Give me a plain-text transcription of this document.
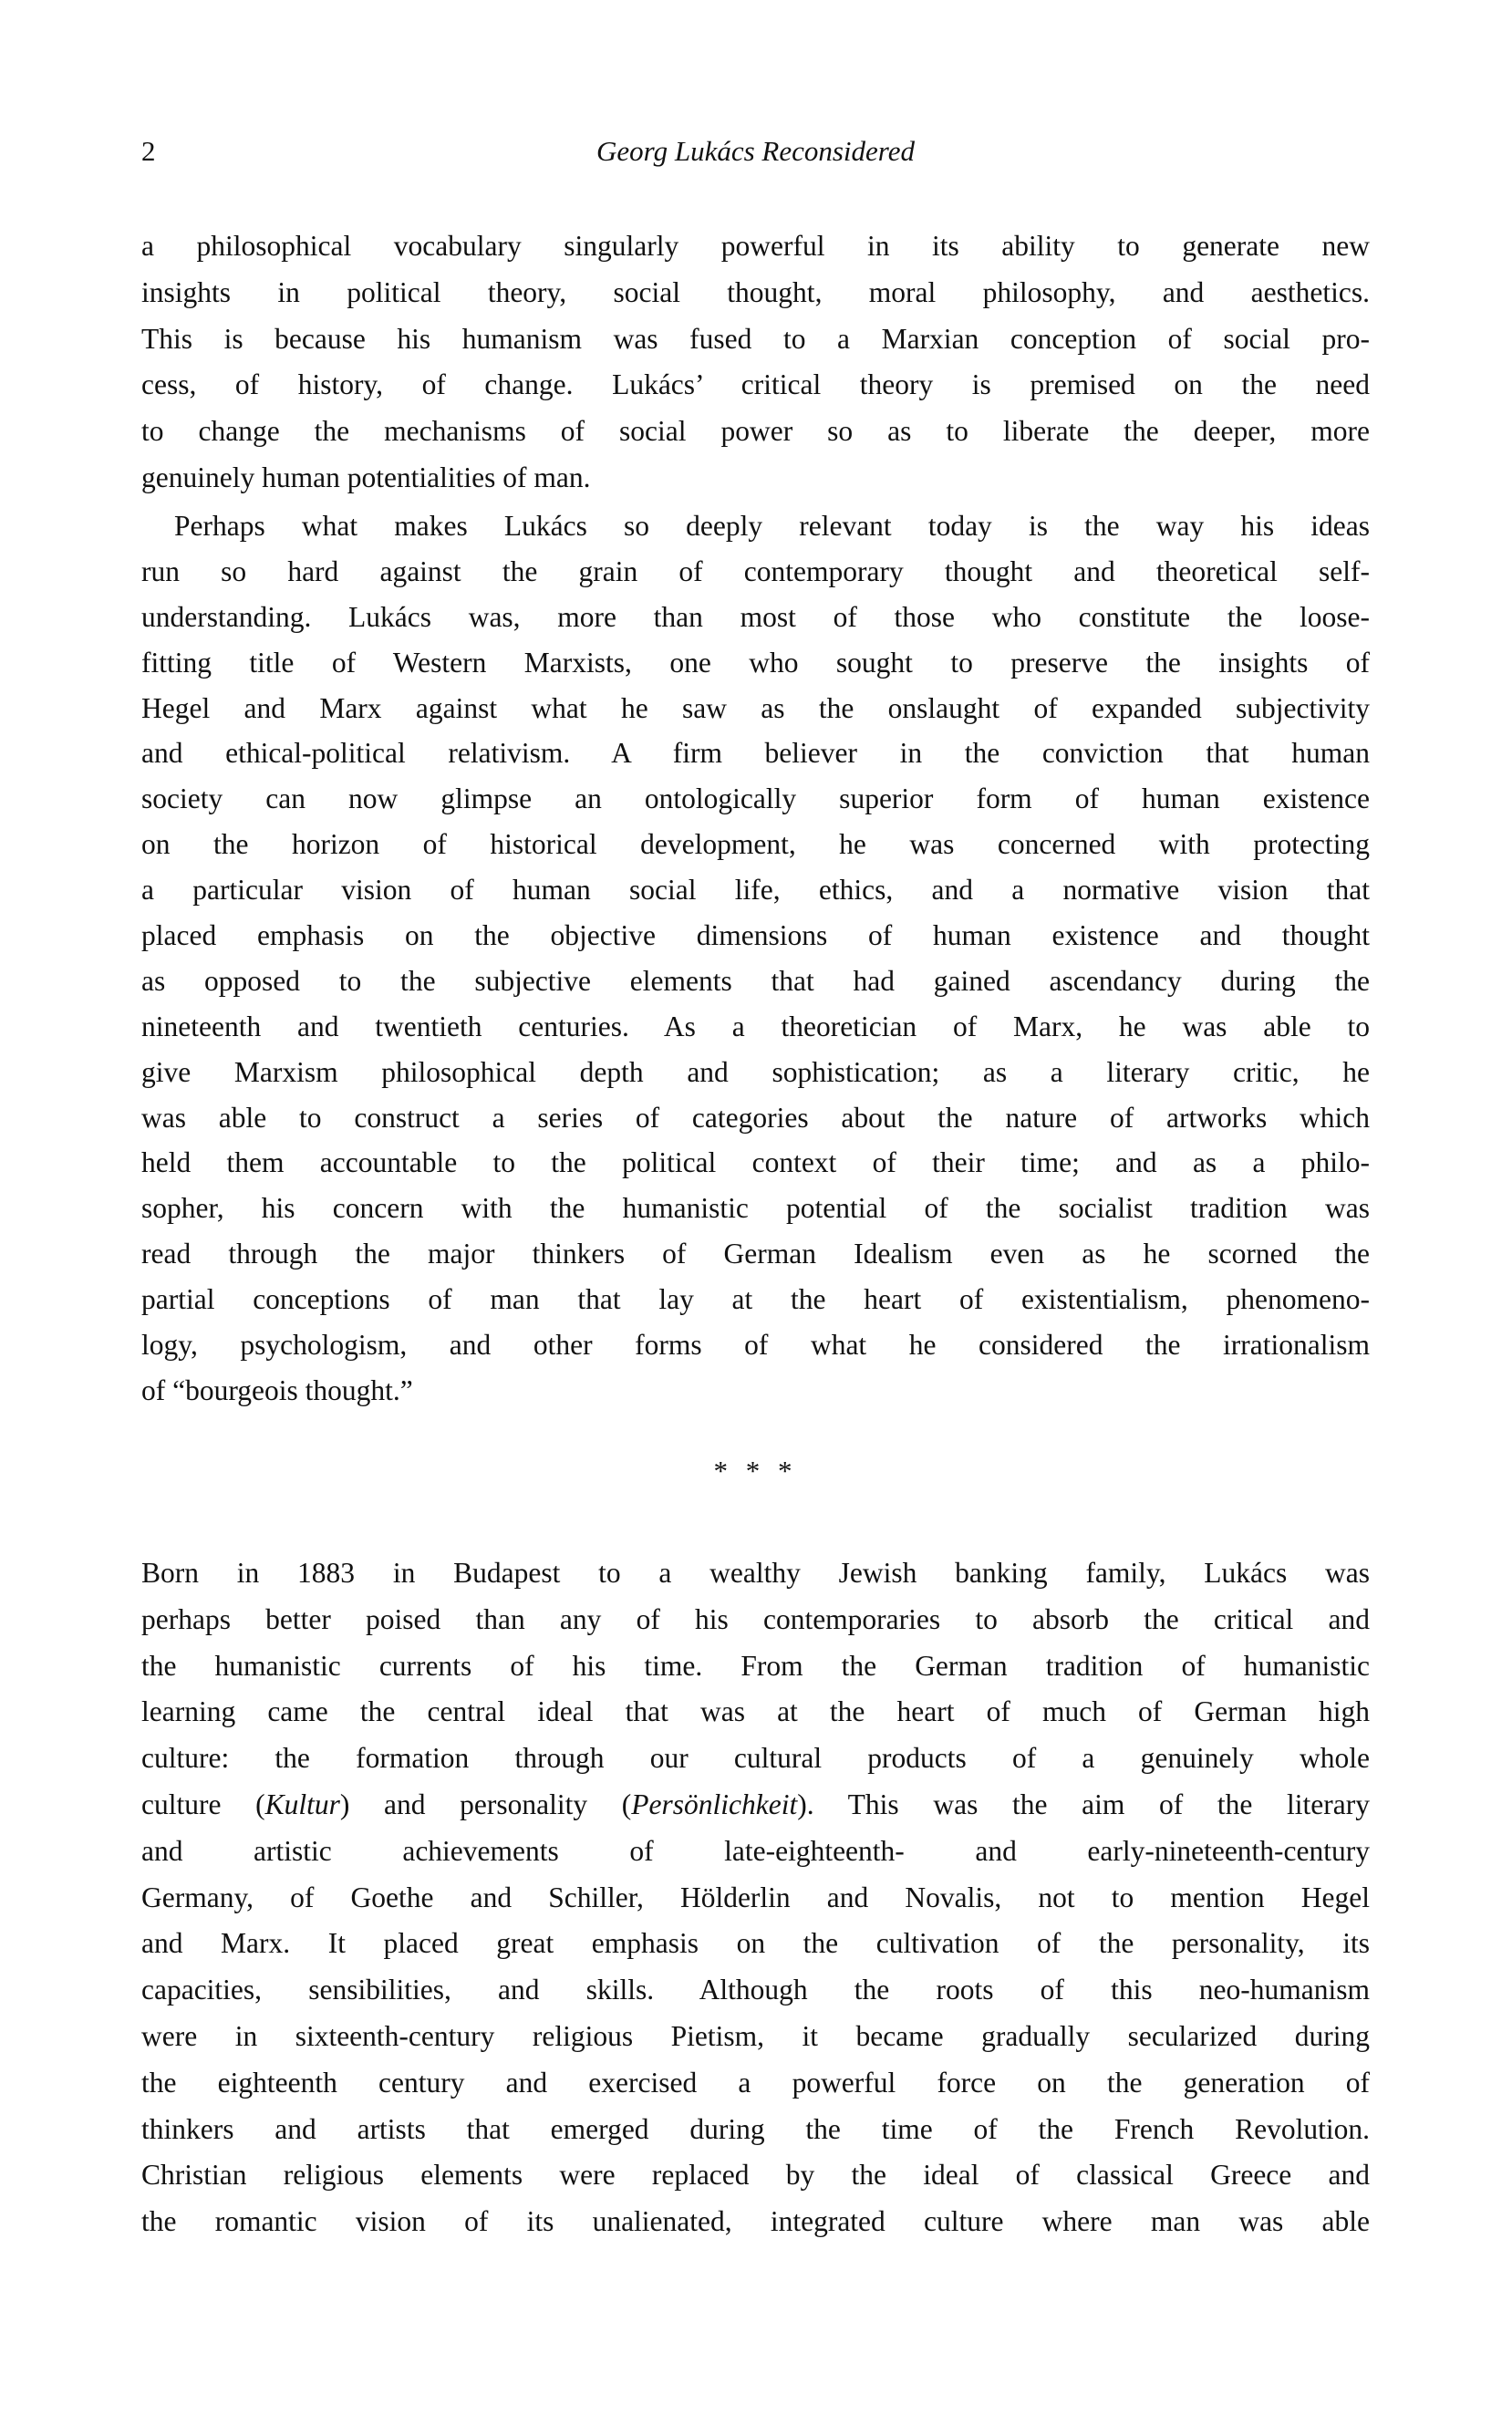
2	Georg Lukács Reconsidered
a philosophical vocabulary singularly powerful in its ability to generate new
insights in political theory, social thought, moral philosophy, and aesthetics.
This is because his humanism was fused to a Marxian conception of social pro-
cess, of history, of change. Lukács’ critical theory is premised on the need
to change the mechanisms of social power so as to liberate the deeper, more
genuinely human potentialities of man.
Perhaps what makes Lukács so deeply relevant today is the way his ideas
run so hard against the grain of contemporary thought and theoretical self-
understanding. Lukács was, more than most of those who constitute the loose-
fitting title of Western Marxists, one who sought to preserve the insights of
Hegel and Marx against what he saw as the onslaught of expanded subjectivity
and ethical-political relativism. A firm believer in the conviction that human
society can now glimpse an ontologically superior form of human existence
on the horizon of historical development, he was concerned with protecting
a particular vision of human social life, ethics, and a normative vision that
placed emphasis on the objective dimensions of human existence and thought
as opposed to the subjective elements that had gained ascendancy during the
nineteenth and twentieth centuries. As a theoretician of Marx, he was able to
give Marxism philosophical depth and sophistication; as a literary critic, he
was able to construct a series of categories about the nature of artworks which
held them accountable to the political context of their time; and as a philo-
sopher, his concern with the humanistic potential of the socialist tradition was
read through the major thinkers of German Idealism even as he scorned the
partial conceptions of man that lay at the heart of existentialism, phenomeno-
logy, psychologism, and other forms of what he considered the irrationalism
of “bourgeois thought.”
* * *
Born in 1883 in Budapest to a wealthy Jewish banking family, Lukács was
perhaps better poised than any of his contemporaries to absorb the critical and
the humanistic currents of his time. From the German tradition of humanistic
learning came the central ideal that was at the heart of much of German high
culture: the formation through our cultural products of a genuinely whole
culture (Kultur) and personality (Persönlichkeit). This was the aim of the literary
and artistic achievements of late-eighteenth- and early-nineteenth-century
Germany, of Goethe and Schiller, Hölderlin and Novalis, not to mention Hegel
and Marx. It placed great emphasis on the cultivation of the personality, its
capacities, sensibilities, and skills. Although the roots of this neo-humanism
were in sixteenth-century religious Pietism, it became gradually secularized during
the eighteenth century and exercised a powerful force on the generation of
thinkers and artists that emerged during the time of the French Revolution.
Christian religious elements were replaced by the ideal of classical Greece and
the romantic vision of its unalienated, integrated culture where man was able
